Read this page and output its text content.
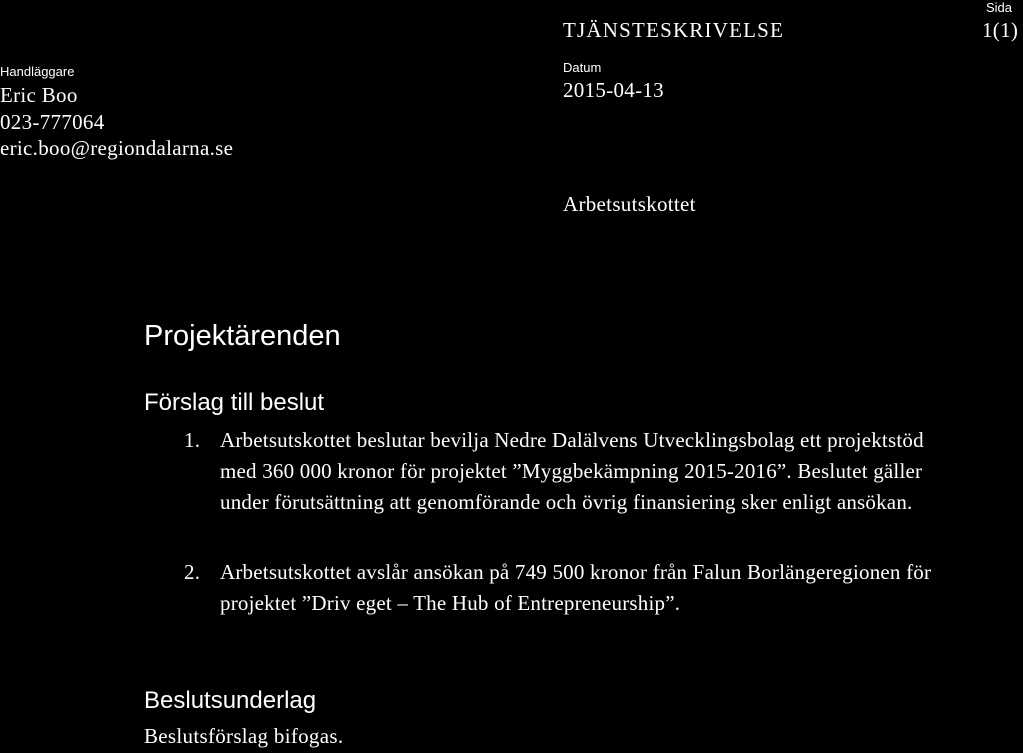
Handläggare
Eric Boo
023-777064
eric.boo@regiondalarna.se
TJÄNSTESKRIVELSE
Datum
2015-04-13
Arbetsutskottet
Sida
1(1)
Projektärenden
Förslag till beslut
1. Arbetsutskottet beslutar bevilja Nedre Dalälvens Utvecklingsbolag ett projektstöd med 360 000 kronor för projektet ”Myggbekämpning 2015-2016”. Beslutet gäller under förutsättning att genomförande och övrig finansiering sker enligt ansökan.
2. Arbetsutskottet avslår ansökan på 749 500 kronor från Falun Borlängeregionen för projektet ”Driv eget – The Hub of Entrepreneurship”.
Beslutsunderlag
Beslutsförslag bifogas.
